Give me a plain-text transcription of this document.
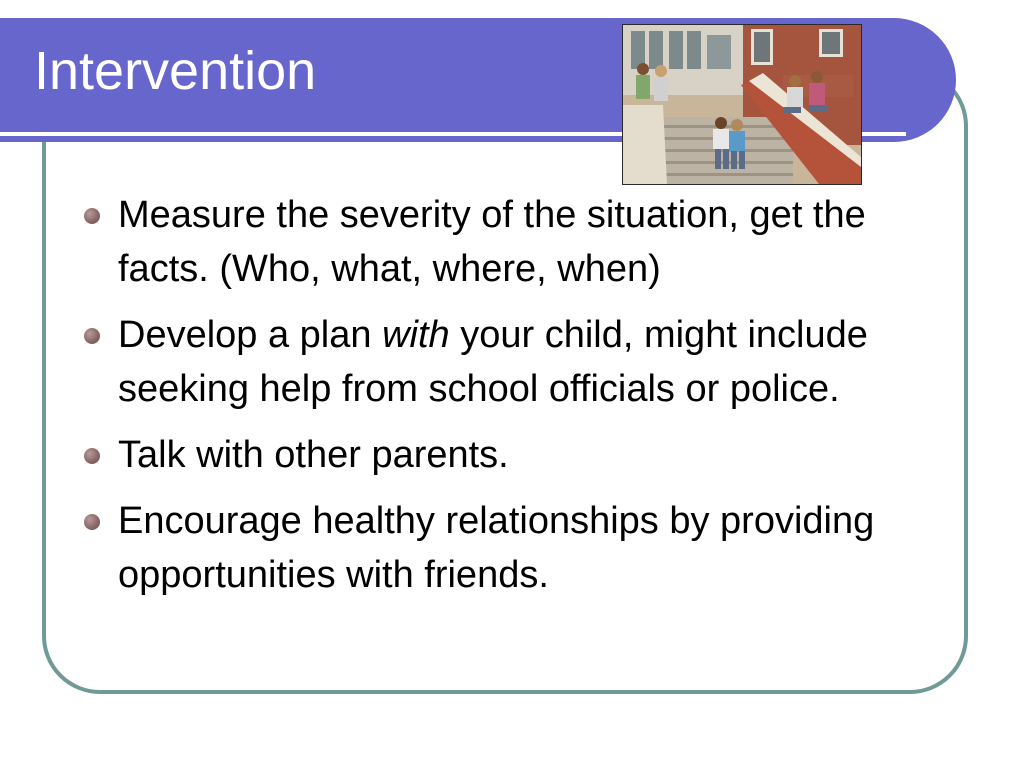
Intervention
Measure the severity of the situation, get the facts. (Who, what, where, when)
Develop a plan with your child, might include seeking help from school officials or police.
Talk with other parents.
Encourage healthy relationships by providing opportunities with friends.
